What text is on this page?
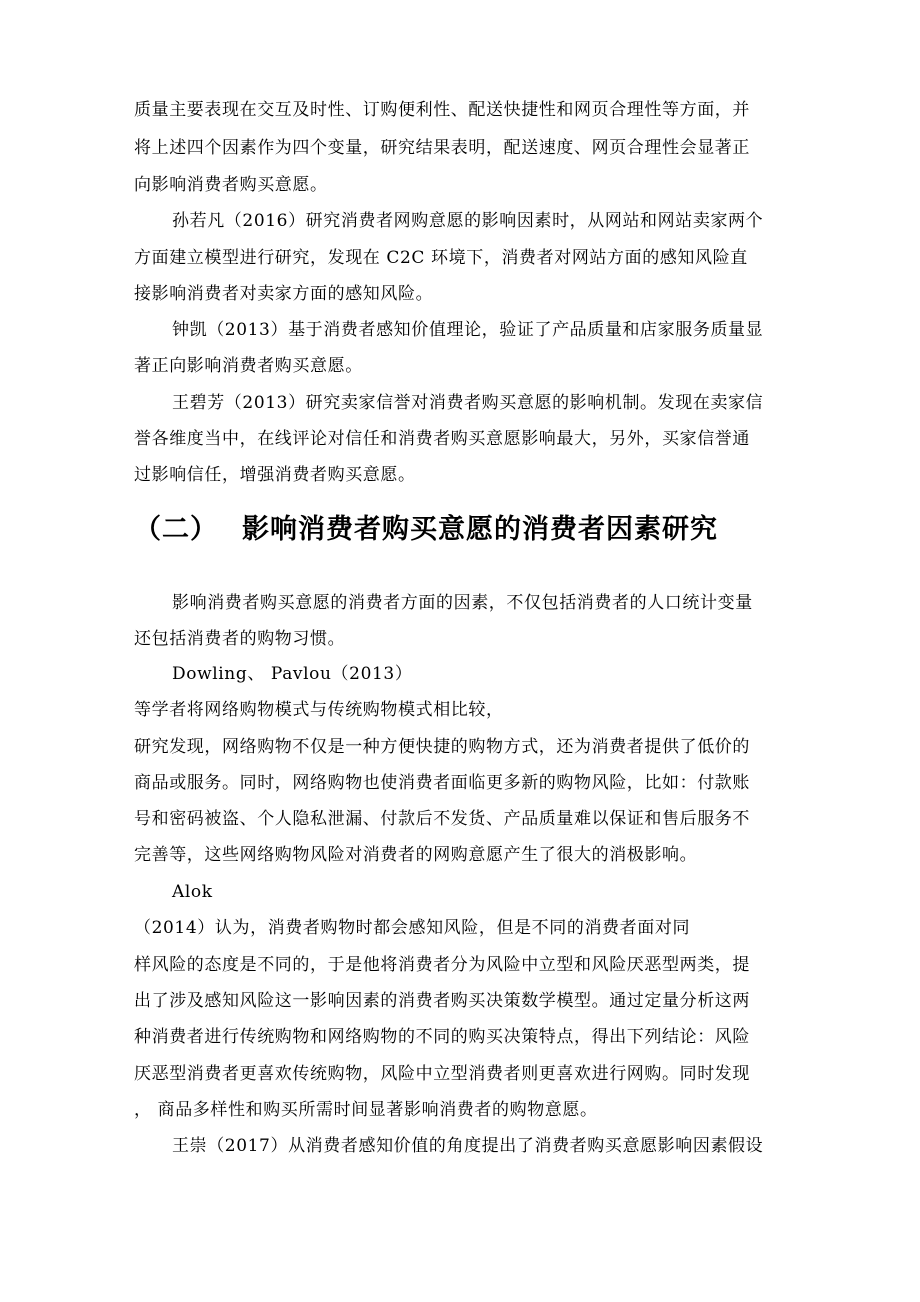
质量主要表现在交互及时性、订购便利性、配送快捷性和网页合理性等方面，并
将上述四个因素作为四个变量，研究结果表明，配送速度、网页合理性会显著正
向影响消费者购买意愿。
孙若凡（2016）研究消费者网购意愿的影响因素时，从网站和网站卖家两个
方面建立模型进行研究，发现在 C2C 环境下，消费者对网站方面的感知风险直
接影响消费者对卖家方面的感知风险。
钟凯（2013）基于消费者感知价值理论，验证了产品质量和店家服务质量显
著正向影响消费者购买意愿。
王碧芳（2013）研究卖家信誉对消费者购买意愿的影响机制。发现在卖家信
誉各维度当中，在线评论对信任和消费者购买意愿影响最大，另外，买家信誉通
过影响信任，增强消费者购买意愿。
（二） 影响消费者购买意愿的消费者因素研究
影响消费者购买意愿的消费者方面的因素，不仅包括消费者的人口统计变量
还包括消费者的购物习惯。
Dowling、 Pavlou（2013）
等学者将网络购物模式与传统购物模式相比较，
研究发现，网络购物不仅是一种方便快捷的购物方式，还为消费者提供了低价的
商品或服务。同时，网络购物也使消费者面临更多新的购物风险，比如：付款账
号和密码被盗、个人隐私泄漏、付款后不发货、产品质量难以保证和售后服务不
完善等，这些网络购物风险对消费者的网购意愿产生了很大的消极影响。
Alok
（2014）认为，消费者购物时都会感知风险，但是不同的消费者面对同
样风险的态度是不同的，于是他将消费者分为风险中立型和风险厌恶型两类，提
出了涉及感知风险这一影响因素的消费者购买决策数学模型。通过定量分析这两
种消费者进行传统购物和网络购物的不同的购买决策特点，得出下列结论：风险
厌恶型消费者更喜欢传统购物，风险中立型消费者则更喜欢进行网购。同时发现
， 商品多样性和购买所需时间显著影响消费者的购物意愿。
王崇（2017）从消费者感知价值的角度提出了消费者购买意愿影响因素假设
